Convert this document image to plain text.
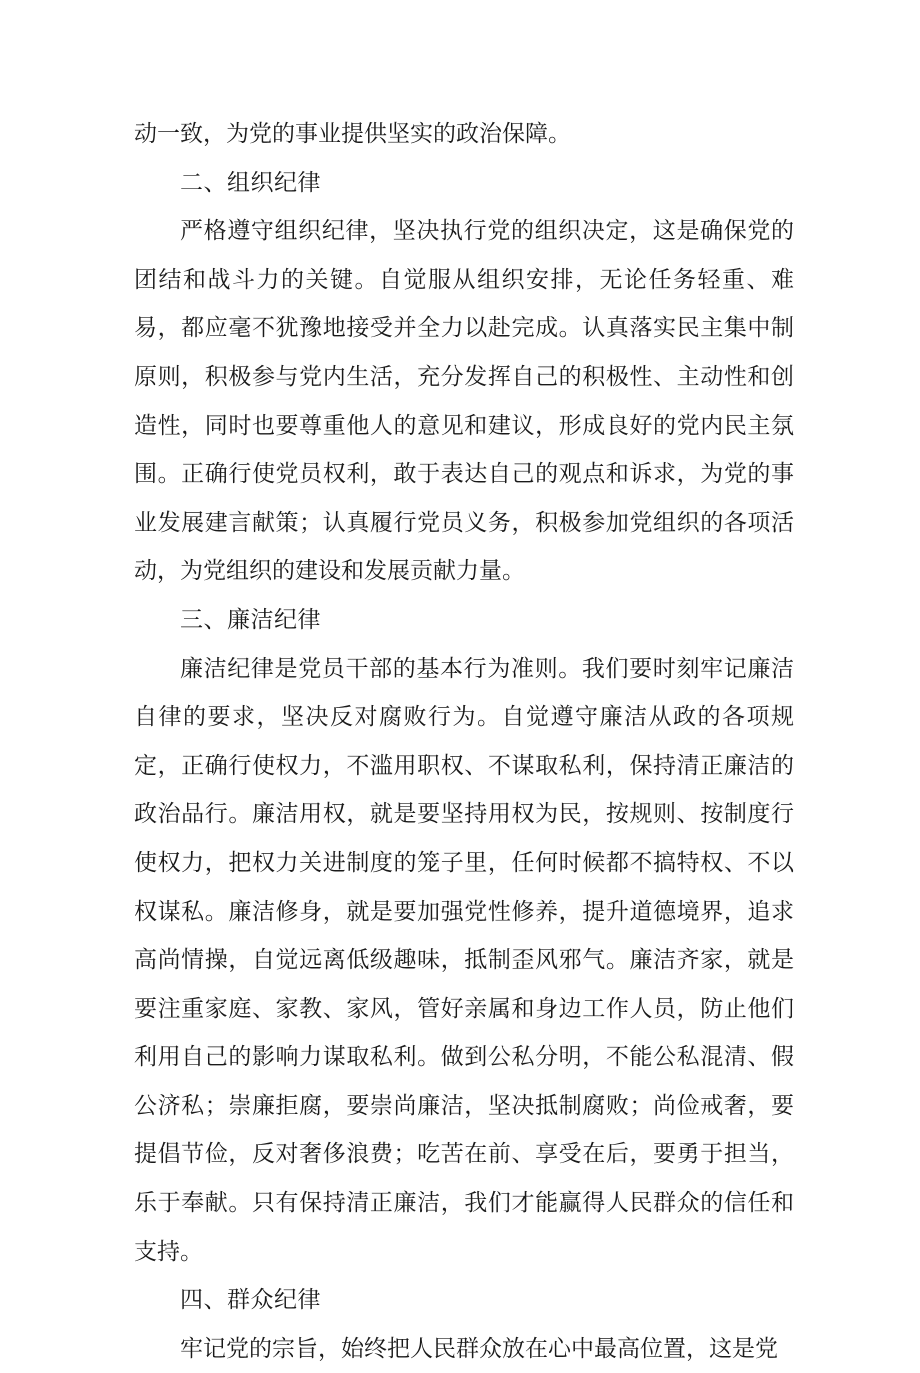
动一致，为党的事业提供坚实的政治保障。

二、组织纪律

严格遵守组织纪律，坚决执行党的组织决定，这是确保党的团结和战斗力的关键。自觉服从组织安排，无论任务轻重、难易，都应毫不犹豫地接受并全力以赴完成。认真落实民主集中制原则，积极参与党内生活，充分发挥自己的积极性、主动性和创造性，同时也要尊重他人的意见和建议，形成良好的党内民主氛围。正确行使党员权利，敢于表达自己的观点和诉求，为党的事业发展建言献策；认真履行党员义务，积极参加党组织的各项活动，为党组织的建设和发展贡献力量。

三、廉洁纪律

廉洁纪律是党员干部的基本行为准则。我们要时刻牢记廉洁自律的要求，坚决反对腐败行为。自觉遵守廉洁从政的各项规定，正确行使权力，不滥用职权、不谋取私利，保持清正廉洁的政治品行。廉洁用权，就是要坚持用权为民，按规则、按制度行使权力，把权力关进制度的笼子里，任何时候都不搞特权、不以权谋私。廉洁修身，就是要加强党性修养，提升道德境界，追求高尚情操，自觉远离低级趣味，抵制歪风邪气。廉洁齐家，就是要注重家庭、家教、家风，管好亲属和身边工作人员，防止他们利用自己的影响力谋取私利。做到公私分明，不能公私混清、假公济私；崇廉拒腐，要崇尚廉洁，坚决抵制腐败；尚俭戒奢，要提倡节俭，反对奢侈浪费；吃苦在前、享受在后，要勇于担当，乐于奉献。只有保持清正廉洁，我们才能赢得人民群众的信任和支持。

四、群众纪律

牢记党的宗旨，始终把人民群众放在心中最高位置，这是党
